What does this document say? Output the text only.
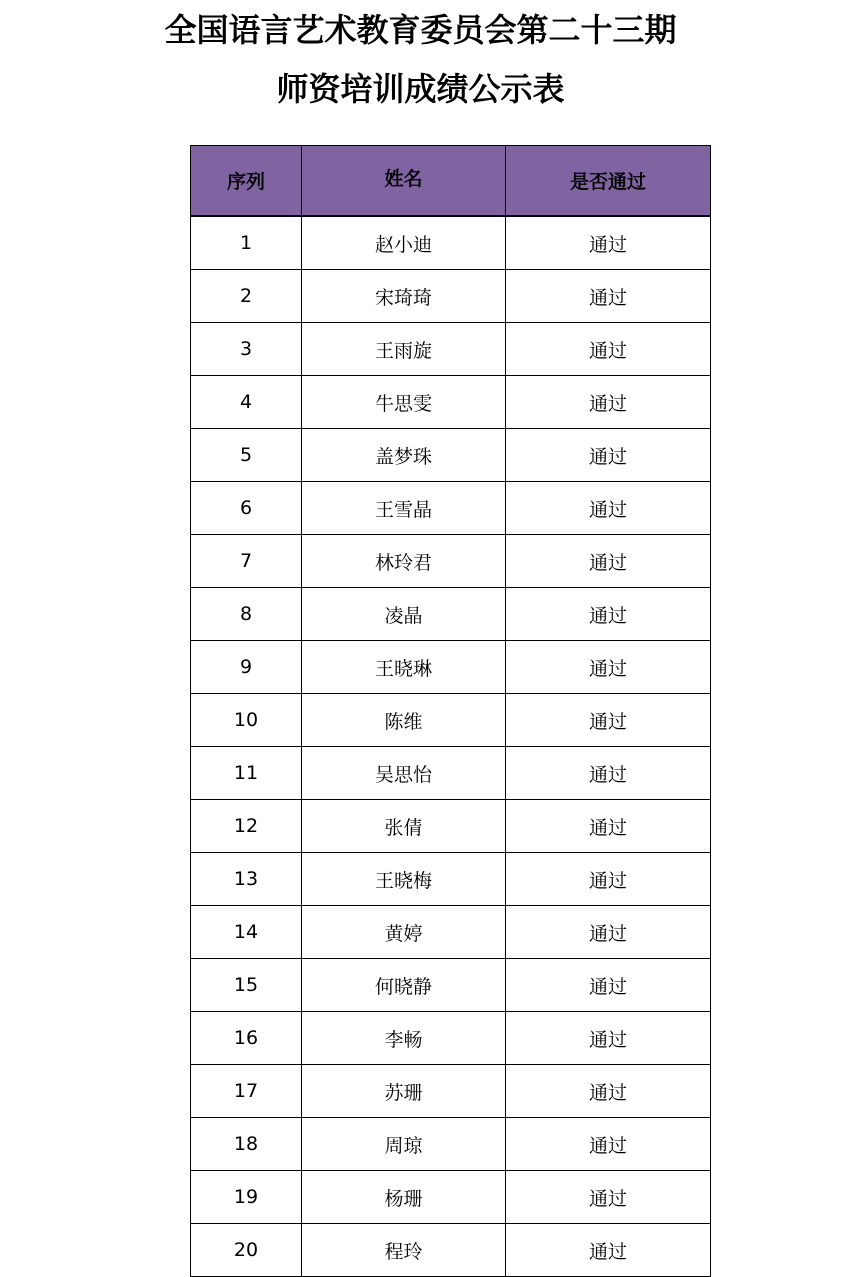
全国语言艺术教育委员会第二十三期
师资培训成绩公示表
序列	姓名	是否通过
1	赵小迪	通过
2	宋琦琦	通过
3	王雨旋	通过
4	牛思雯	通过
5	盖梦珠	通过
6	王雪晶	通过
7	林玲君	通过
8	凌晶	通过
9	王晓琳	通过
10	陈维	通过
11	吴思怡	通过
12	张倩	通过
13	王晓梅	通过
14	黄婷	通过
15	何晓静	通过
16	李畅	通过
17	苏珊	通过
18	周琼	通过
19	杨珊	通过
20	程玲	通过
